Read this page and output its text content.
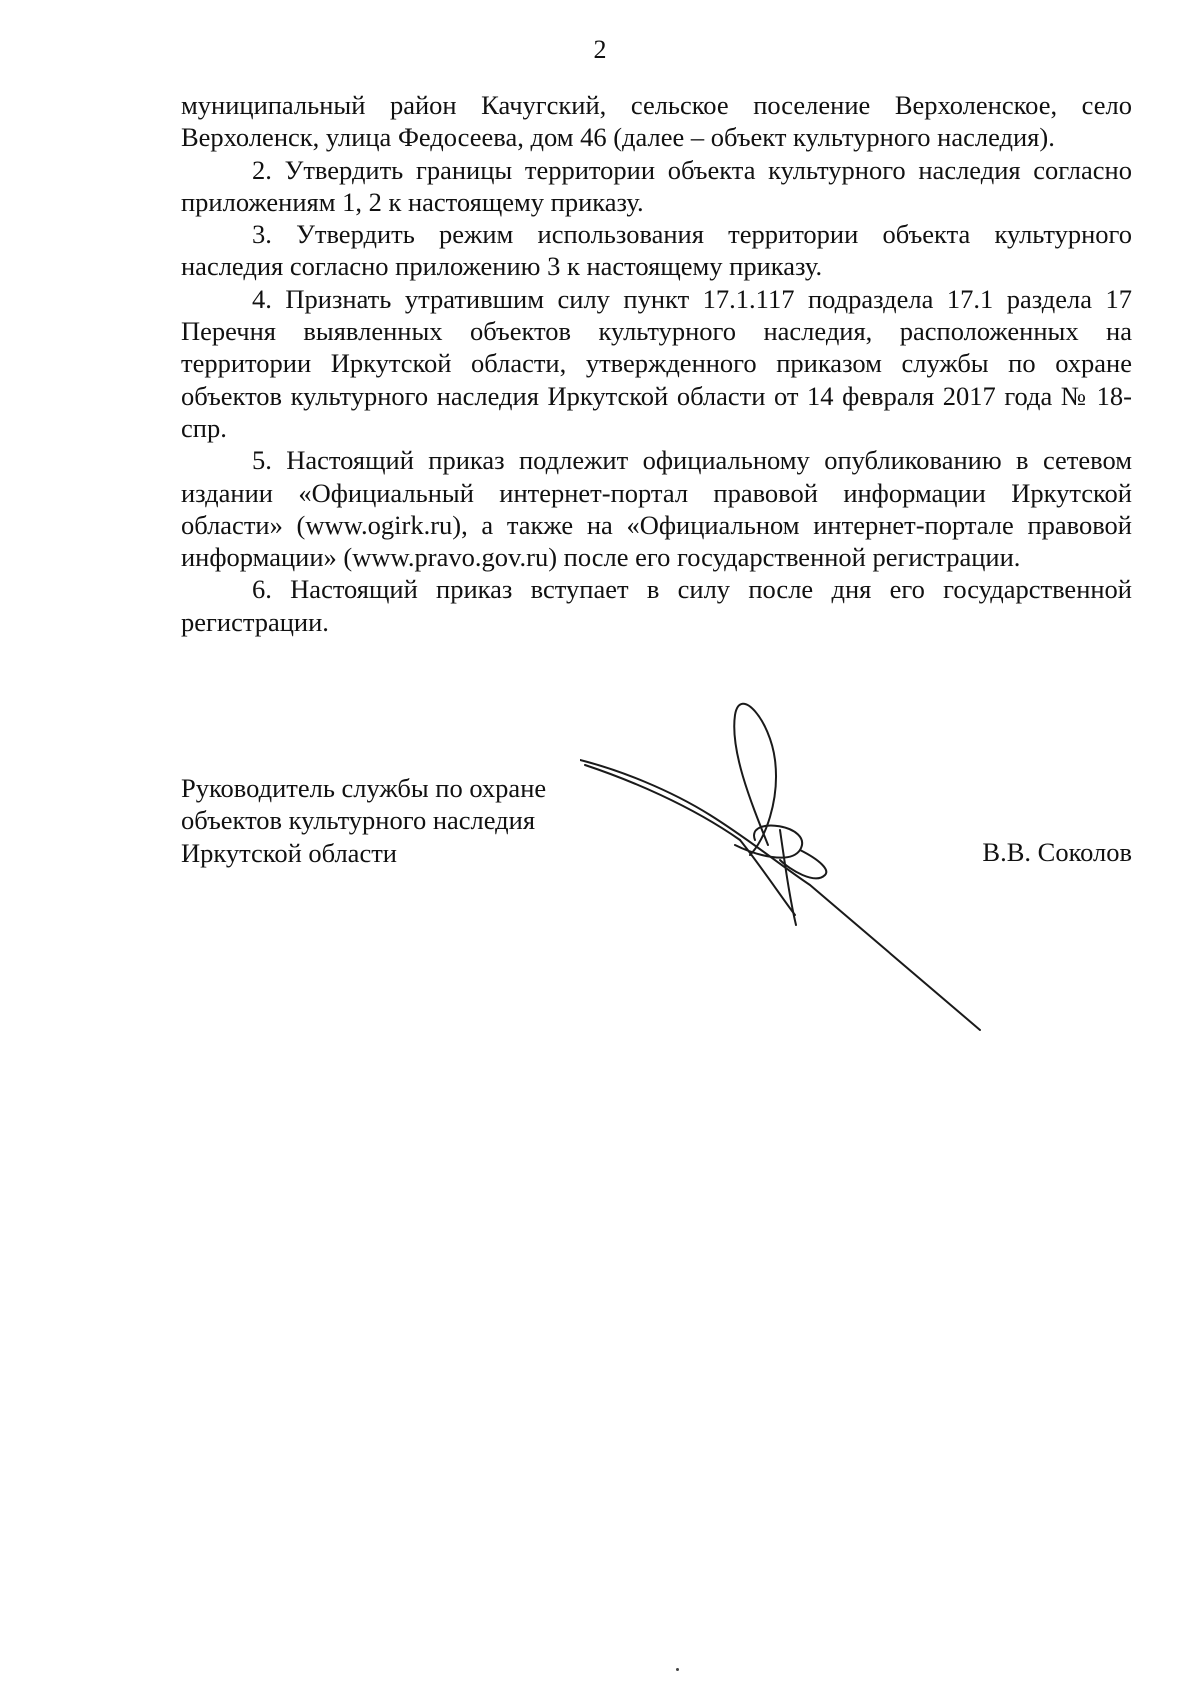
2

муниципальный район Качугский, сельское поселение Верхоленское, село Верхоленск, улица Федосеева, дом 46 (далее – объект культурного наследия).

2. Утвердить границы территории объекта культурного наследия согласно приложениям 1, 2 к настоящему приказу.

3. Утвердить режим использования территории объекта культурного наследия согласно приложению 3 к настоящему приказу.

4. Признать утратившим силу пункт 17.1.117 подраздела 17.1 раздела 17 Перечня выявленных объектов культурного наследия, расположенных на территории Иркутской области, утвержденного приказом службы по охране объектов культурного наследия Иркутской области от 14 февраля 2017 года № 18-спр.

5. Настоящий приказ подлежит официальному опубликованию в сетевом издании «Официальный интернет-портал правовой информации Иркутской области» (www.ogirk.ru), а также на «Официальном интернет-портале правовой информации» (www.pravo.gov.ru) после его государственной регистрации.

6. Настоящий приказ вступает в силу после дня его государственной регистрации.

Руководитель службы по охране
объектов культурного наследия
Иркутской области	В.В. Соколов
